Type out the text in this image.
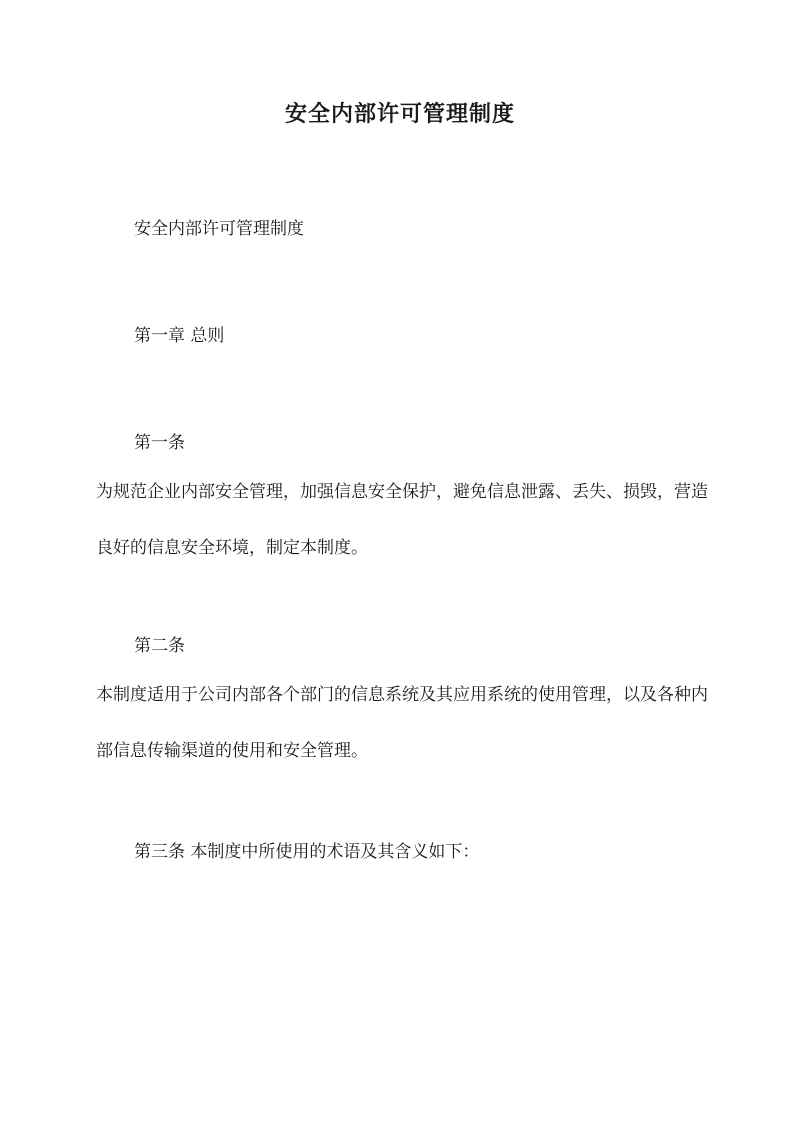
安全内部许可管理制度
安全内部许可管理制度
第一章 总则
第一条
为规范企业内部安全管理，加强信息安全保护，避免信息泄露、丢失、损毁，营造良好的信息安全环境，制定本制度。
第二条
本制度适用于公司内部各个部门的信息系统及其应用系统的使用管理，以及各种内部信息传输渠道的使用和安全管理。
第三条 本制度中所使用的术语及其含义如下：
